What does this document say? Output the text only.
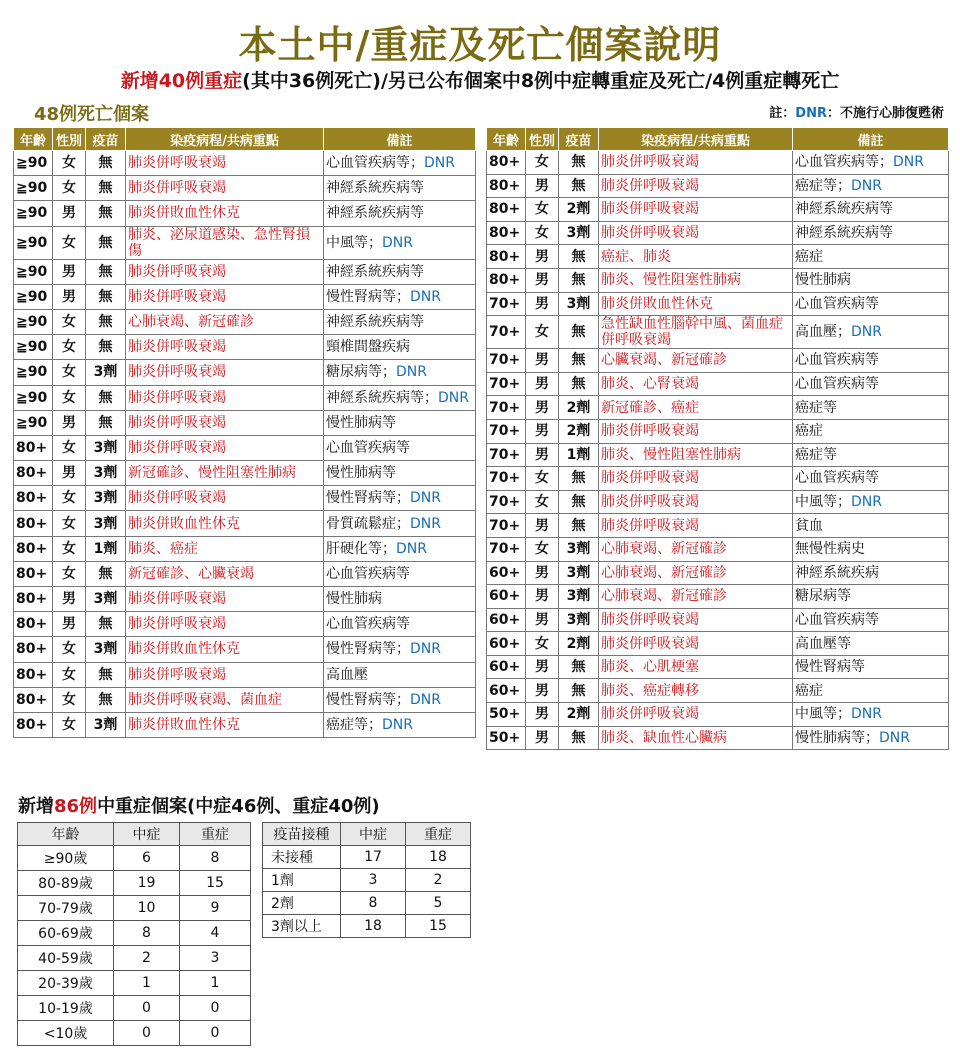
本土中/重症及死亡個案說明
新增40例重症(其中36例死亡)/另已公布個案中8例中症轉重症及死亡/4例重症轉死亡
48例死亡個案	註：DNR：不施行心肺復甦術
年齡	性別	疫苗	染疫病程/共病重點	備註
≧90	女	無	肺炎併呼吸衰竭	心血管疾病等；DNR
≧90	女	無	肺炎併呼吸衰竭	神經系統疾病等
≧90	男	無	肺炎併敗血性休克	神經系統疾病等
≧90	女	無	肺炎、泌尿道感染、急性腎損傷	中風等；DNR
≧90	男	無	肺炎併呼吸衰竭	神經系統疾病等
≧90	男	無	肺炎併呼吸衰竭	慢性腎病等；DNR
≧90	女	無	心肺衰竭、新冠確診	神經系統疾病等
≧90	女	無	肺炎併呼吸衰竭	頸椎間盤疾病
≧90	女	3劑	肺炎併呼吸衰竭	糖尿病等；DNR
≧90	女	無	肺炎併呼吸衰竭	神經系統疾病等；DNR
≧90	男	無	肺炎併呼吸衰竭	慢性肺病等
80+	女	3劑	肺炎併呼吸衰竭	心血管疾病等
80+	男	3劑	新冠確診、慢性阻塞性肺病	慢性肺病等
80+	女	3劑	肺炎併呼吸衰竭	慢性腎病等；DNR
80+	女	3劑	肺炎併敗血性休克	骨質疏鬆症；DNR
80+	女	1劑	肺炎、癌症	肝硬化等；DNR
80+	女	無	新冠確診、心臟衰竭	心血管疾病等
80+	男	3劑	肺炎併呼吸衰竭	慢性肺病
80+	男	無	肺炎併呼吸衰竭	心血管疾病等
80+	女	3劑	肺炎併敗血性休克	慢性腎病等；DNR
80+	女	無	肺炎併呼吸衰竭	高血壓
80+	女	無	肺炎併呼吸衰竭、菌血症	慢性腎病等；DNR
80+	女	3劑	肺炎併敗血性休克	癌症等；DNR
年齡	性別	疫苗	染疫病程/共病重點	備註
80+	女	無	肺炎併呼吸衰竭	心血管疾病等；DNR
80+	男	無	肺炎併呼吸衰竭	癌症等；DNR
80+	女	2劑	肺炎併呼吸衰竭	神經系統疾病等
80+	女	3劑	肺炎併呼吸衰竭	神經系統疾病等
80+	男	無	癌症、肺炎	癌症
80+	男	無	肺炎、慢性阻塞性肺病	慢性肺病
70+	男	3劑	肺炎併敗血性休克	心血管疾病等
70+	女	無	急性缺血性腦幹中風、菌血症併呼吸衰竭	高血壓；DNR
70+	男	無	心臟衰竭、新冠確診	心血管疾病等
70+	男	無	肺炎、心腎衰竭	心血管疾病等
70+	男	2劑	新冠確診、癌症	癌症等
70+	男	2劑	肺炎併呼吸衰竭	癌症
70+	男	1劑	肺炎、慢性阻塞性肺病	癌症等
70+	女	無	肺炎併呼吸衰竭	心血管疾病等
70+	女	無	肺炎併呼吸衰竭	中風等；DNR
70+	男	無	肺炎併呼吸衰竭	貧血
70+	女	3劑	心肺衰竭、新冠確診	無慢性病史
60+	男	3劑	心肺衰竭、新冠確診	神經系統疾病
60+	男	3劑	心肺衰竭、新冠確診	糖尿病等
60+	男	3劑	肺炎併呼吸衰竭	心血管疾病等
60+	女	2劑	肺炎併呼吸衰竭	高血壓等
60+	男	無	肺炎、心肌梗塞	慢性腎病等
60+	男	無	肺炎、癌症轉移	癌症
50+	男	2劑	肺炎併呼吸衰竭	中風等；DNR
50+	男	無	肺炎、缺血性心臟病	慢性肺病等；DNR
新增86例中重症個案(中症46例、重症40例)
年齡	中症	重症
≥90歲	6	8
80-89歲	19	15
70-79歲	10	9
60-69歲	8	4
40-59歲	2	3
20-39歲	1	1
10-19歲	0	0
<10歲	0	0
疫苗接種	中症	重症
未接種	17	18
1劑	3	2
2劑	8	5
3劑以上	18	15
